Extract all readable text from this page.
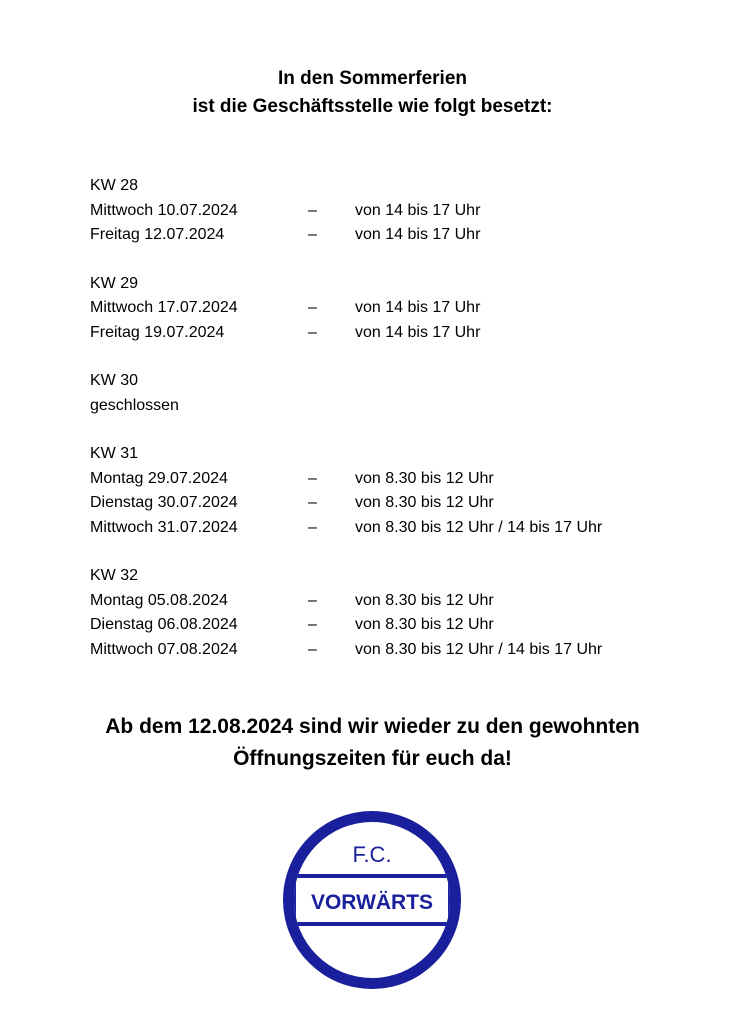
In den Sommerferien
ist die Geschäftsstelle wie folgt besetzt:
KW 28
Mittwoch 10.07.2024	– von 14 bis 17 Uhr
Freitag 12.07.2024	– von 14 bis 17 Uhr
KW 29
Mittwoch 17.07.2024	– von 14 bis 17 Uhr
Freitag 19.07.2024	– von 14 bis 17 Uhr
KW 30
geschlossen
KW 31
Montag 29.07.2024	– von 8.30 bis 12 Uhr
Dienstag 30.07.2024	– von 8.30 bis 12 Uhr
Mittwoch 31.07.2024	– von 8.30 bis 12 Uhr / 14 bis 17 Uhr
KW 32
Montag 05.08.2024	– von 8.30 bis 12 Uhr
Dienstag 06.08.2024	– von 8.30 bis 12 Uhr
Mittwoch 07.08.2024	– von 8.30 bis 12 Uhr / 14 bis 17 Uhr
Ab dem 12.08.2024 sind wir wieder zu den gewohnten
Öffnungszeiten für euch da!
F.C.
VORWÄRTS
Wettringen
e.V.
